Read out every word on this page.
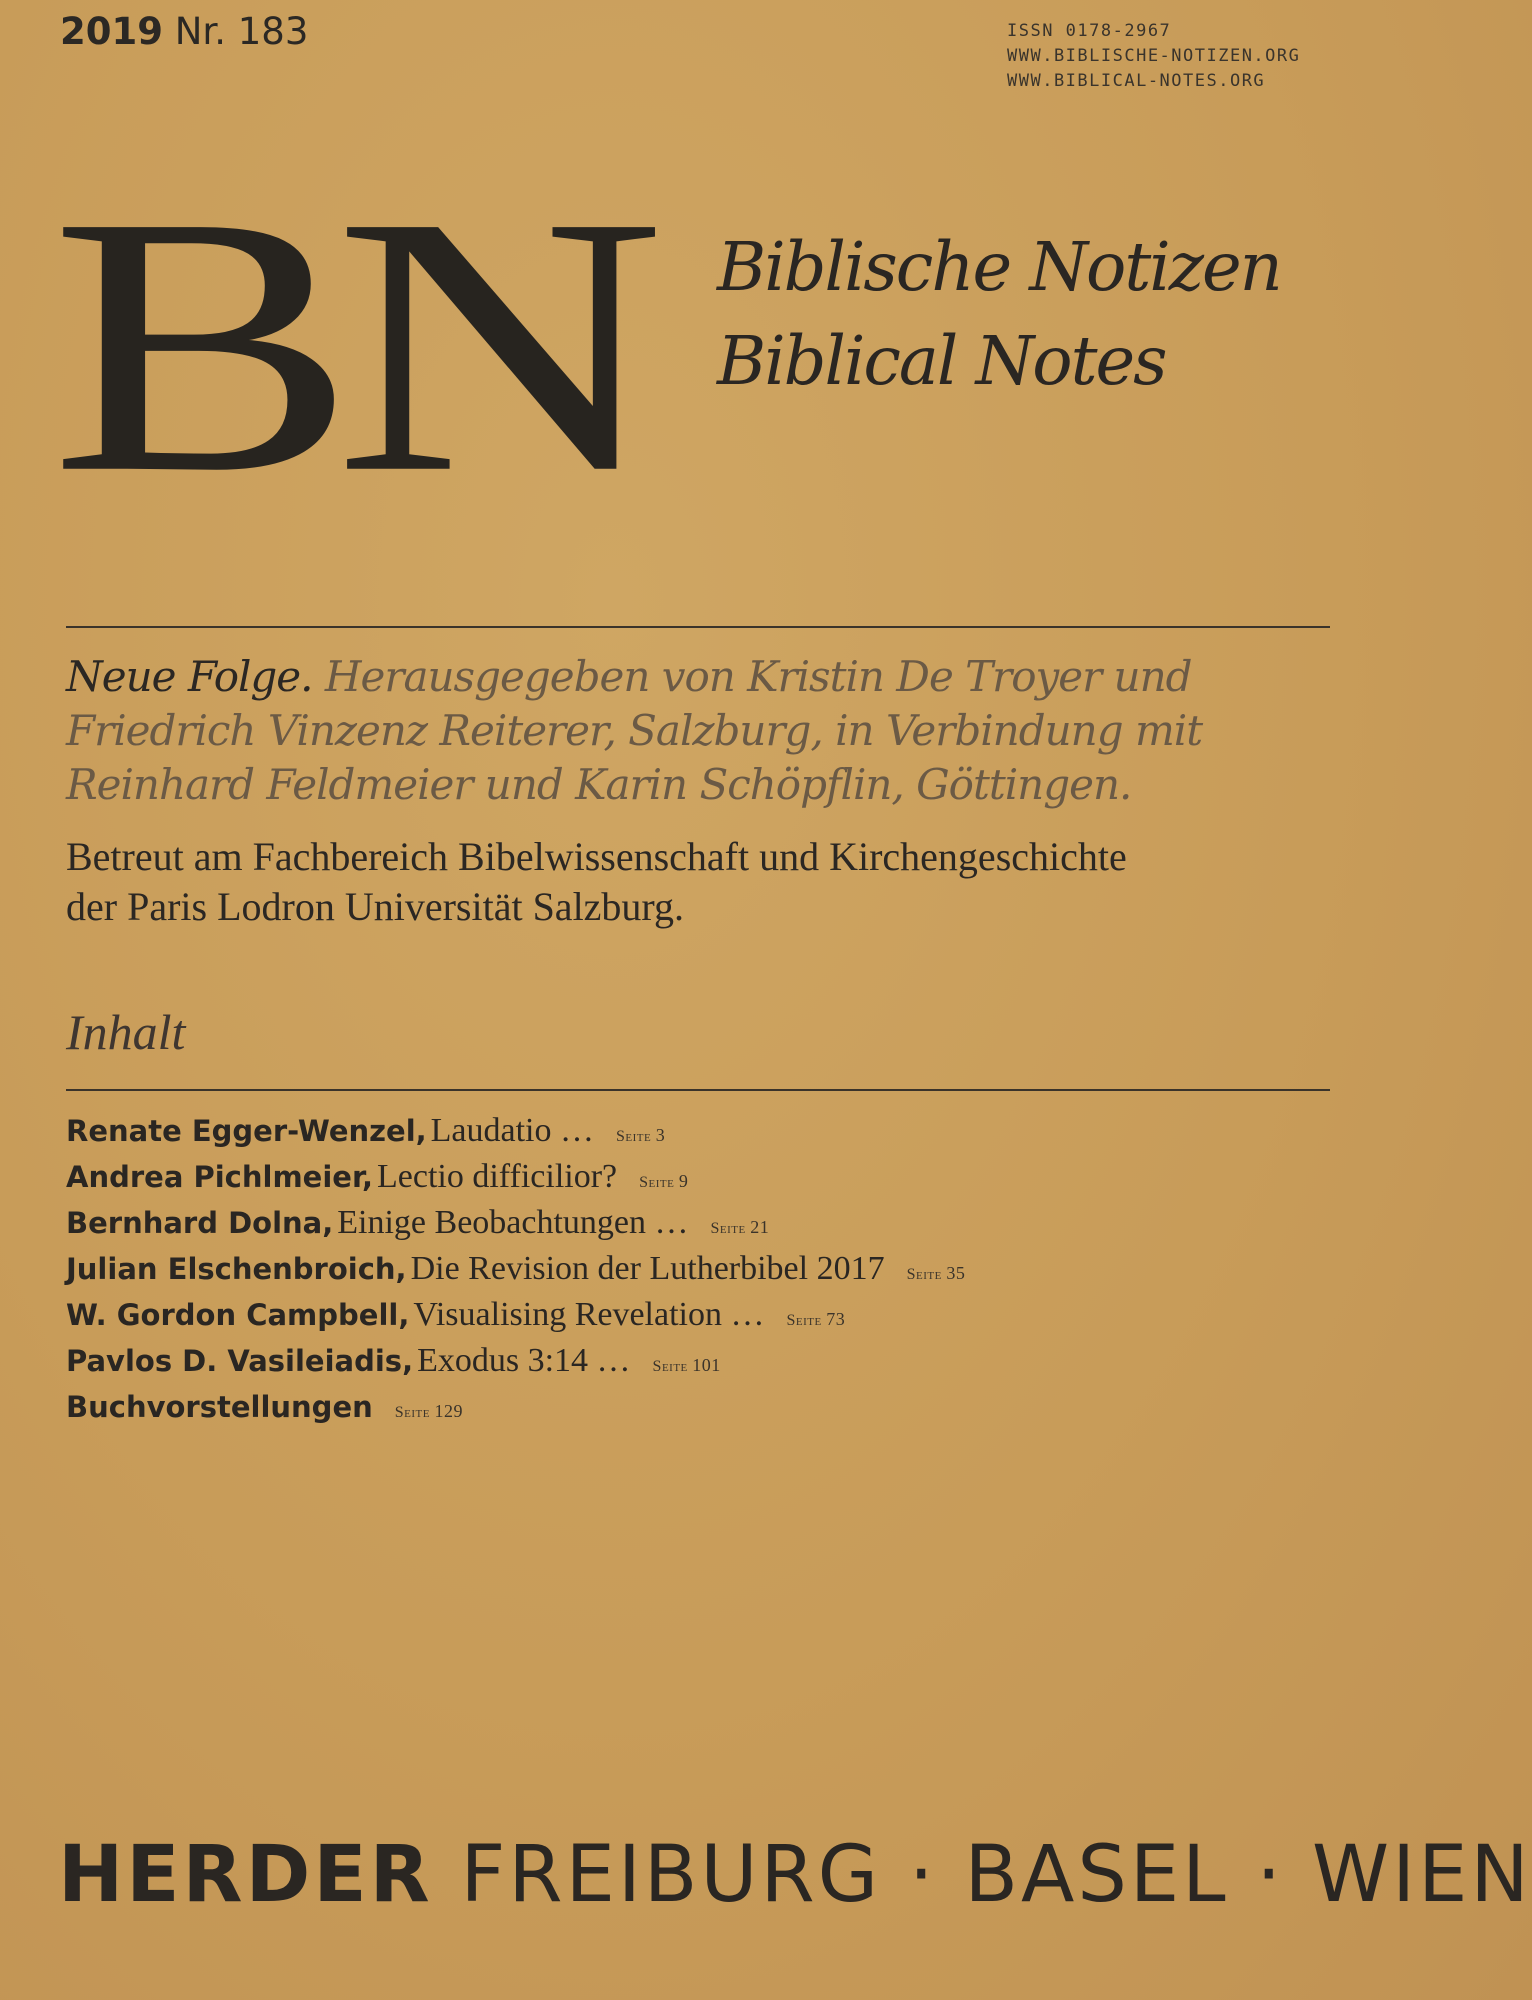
2019 Nr. 183	ISSN 0178-2967
WWW.BIBLISCHE-NOTIZEN.ORG
WWW.BIBLICAL-NOTES.ORG
BN Biblische Notizen
Biblical Notes
Neue Folge. Herausgegeben von Kristin De Troyer und
Friedrich Vinzenz Reiterer, Salzburg, in Verbindung mit
Reinhard Feldmeier und Karin Schöpflin, Göttingen.
Betreut am Fachbereich Bibelwissenschaft und Kirchengeschichte
der Paris Lodron Universität Salzburg.
Inhalt
Renate Egger-Wenzel, Laudatio … Seite 3
Andrea Pichlmeier, Lectio difficilior? Seite 9
Bernhard Dolna, Einige Beobachtungen … Seite 21
Julian Elschenbroich, Die Revision der Lutherbibel 2017 Seite 35
W. Gordon Campbell, Visualising Revelation … Seite 73
Pavlos D. Vasileiadis, Exodus 3:14 … Seite 101
Buchvorstellungen Seite 129
HERDER FREIBURG · BASEL · WIEN
